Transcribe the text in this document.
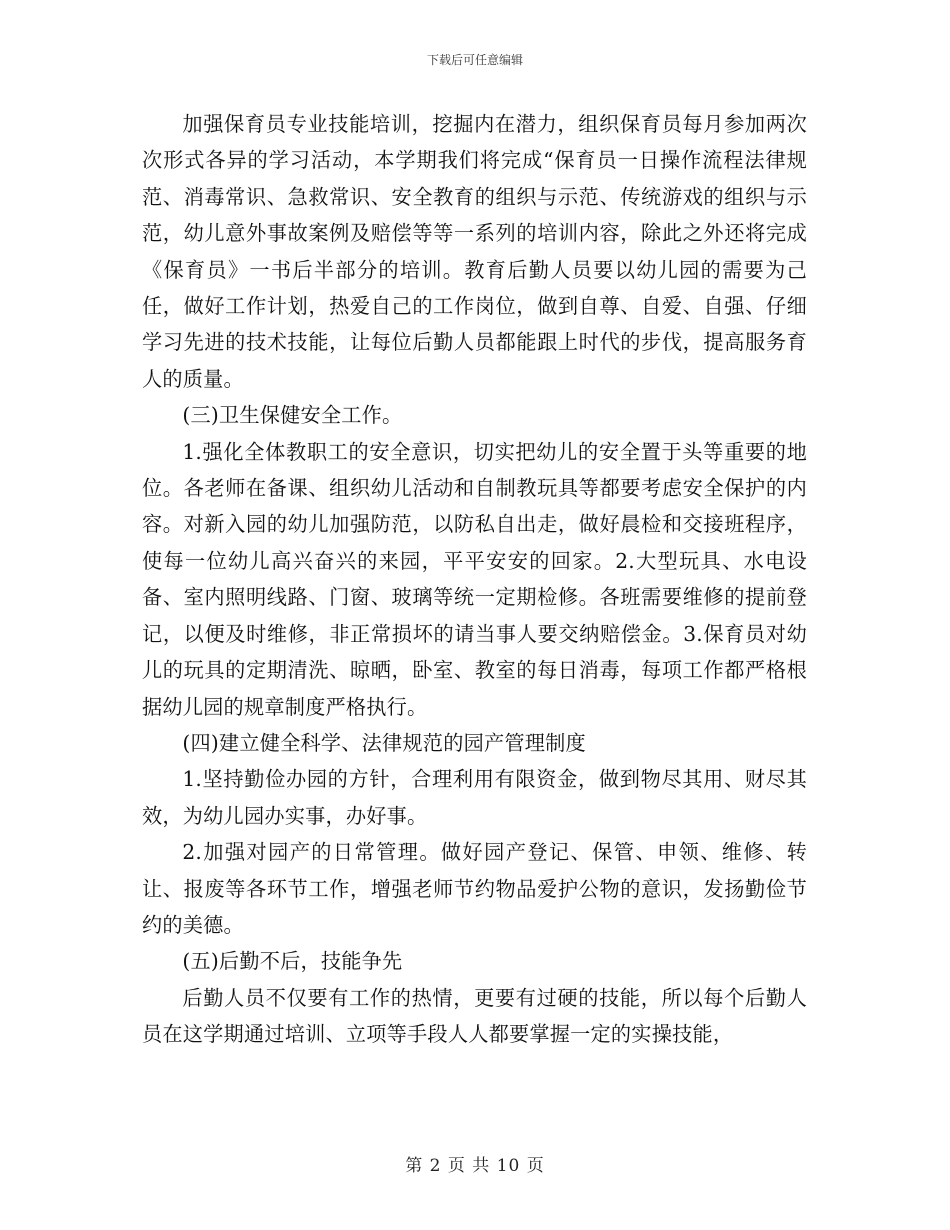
下载后可任意编辑

加强保育员专业技能培训，挖掘内在潜力，组织保育员每月参加两次次形式各异的学习活动，本学期我们将完成“保育员一日操作流程法律规范、消毒常识、急救常识、安全教育的组织与示范、传统游戏的组织与示范，幼儿意外事故案例及赔偿等等一系列的培训内容，除此之外还将完成《保育员》一书后半部分的培训。教育后勤人员要以幼儿园的需要为己任，做好工作计划，热爱自己的工作岗位，做到自尊、自爱、自强、仔细学习先进的技术技能，让每位后勤人员都能跟上时代的步伐，提高服务育人的质量。

(三)卫生保健安全工作。

1.强化全体教职工的安全意识，切实把幼儿的安全置于头等重要的地位。各老师在备课、组织幼儿活动和自制教玩具等都要考虑安全保护的内容。对新入园的幼儿加强防范，以防私自出走，做好晨检和交接班程序，使每一位幼儿高兴奋兴的来园，平平安安的回家。2.大型玩具、水电设备、室内照明线路、门窗、玻璃等统一定期检修。各班需要维修的提前登记，以便及时维修，非正常损坏的请当事人要交纳赔偿金。3.保育员对幼儿的玩具的定期清洗、晾晒，卧室、教室的每日消毒，每项工作都严格根据幼儿园的规章制度严格执行。

(四)建立健全科学、法律规范的园产管理制度

1.坚持勤俭办园的方针，合理利用有限资金，做到物尽其用、财尽其效，为幼儿园办实事，办好事。

2.加强对园产的日常管理。做好园产登记、保管、申领、维修、转让、报废等各环节工作，增强老师节约物品爱护公物的意识，发扬勤俭节约的美德。

(五)后勤不后，技能争先

后勤人员不仅要有工作的热情，更要有过硬的技能，所以每个后勤人员在这学期通过培训、立项等手段人人都要掌握一定的实操技能，

第 2 页 共 10 页
